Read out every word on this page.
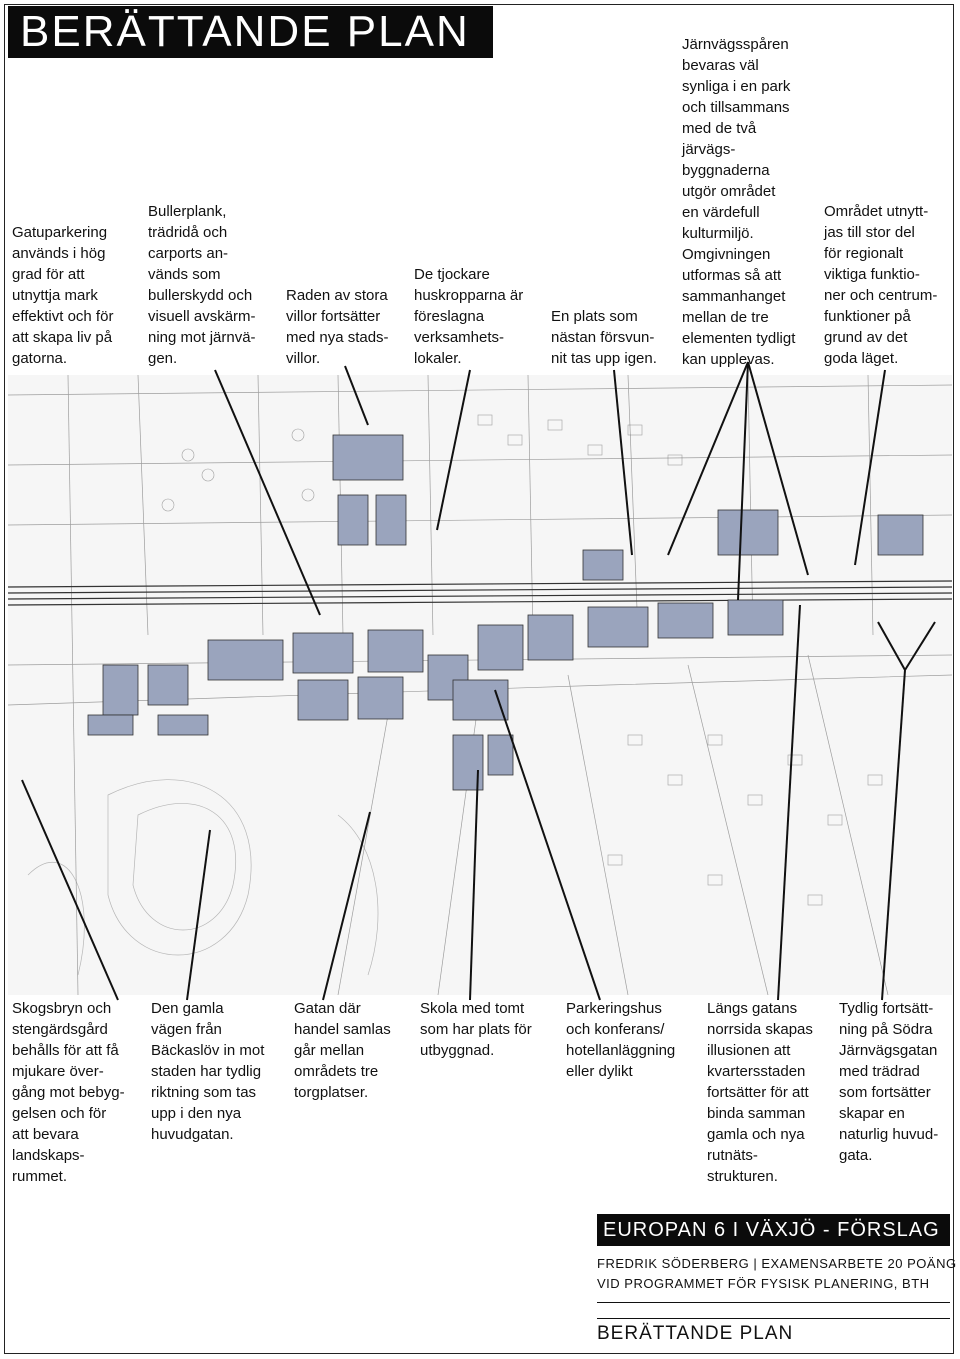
BERÄTTANDE PLAN
Gatuparkering
används i hög
grad för att
utnyttja mark
effektivt och för
att skapa liv på
gatorna.
Bullerplank,
trädridå och
carports an-
vänds som
bullerskydd och
visuell avskärm-
ning mot järnvä-
gen.
Raden av stora
villor fortsätter
med nya stads-
villor.
De tjockare
huskropparna är
föreslagna
verksamhets-
lokaler.
En plats som
nästan försvun-
nit tas upp igen.
Järnvägsspåren
bevaras väl
synliga i en park
och tillsammans
med de två
järvägs-
byggnaderna
utgör området
en värdefull
kulturmiljö.
Omgivningen
utformas så att
sammanhanget
mellan de tre
elementen tydligt
kan upplevas.
Området utnytt-
jas till stor del
för regionalt
viktiga funktio-
ner och centrum-
funktioner på
grund av det
goda läget.
Skogsbryn och
stengärdsgård
behålls för att få
mjukare över-
gång mot bebyg-
gelsen och för
att bevara
landskaps-
rummet.
Den gamla
vägen från
Bäckaslöv in mot
staden har tydlig
riktning som tas
upp i den nya
huvudgatan.
Gatan där
handel samlas
går mellan
områdets tre
torgplatser.
Skola med tomt
som har plats för
utbyggnad.
Parkeringshus
och konferans/
hotellanläggning
eller dylikt
Längs gatans
norrsida skapas
illusionen att
kvartersstaden
fortsätter för att
binda samman
gamla och nya
rutnäts-
strukturen.
Tydlig fortsätt-
ning på Södra
Järnvägsgatan
med trädrad
som fortsätter
skapar en
naturlig huvud-
gata.
EUROPAN 6 I VÄXJÖ - FÖRSLAG
FREDRIK SÖDERBERG | EXAMENSARBETE 20 POÄNG
VID PROGRAMMET FÖR FYSISK PLANERING, BTH
BERÄTTANDE PLAN
